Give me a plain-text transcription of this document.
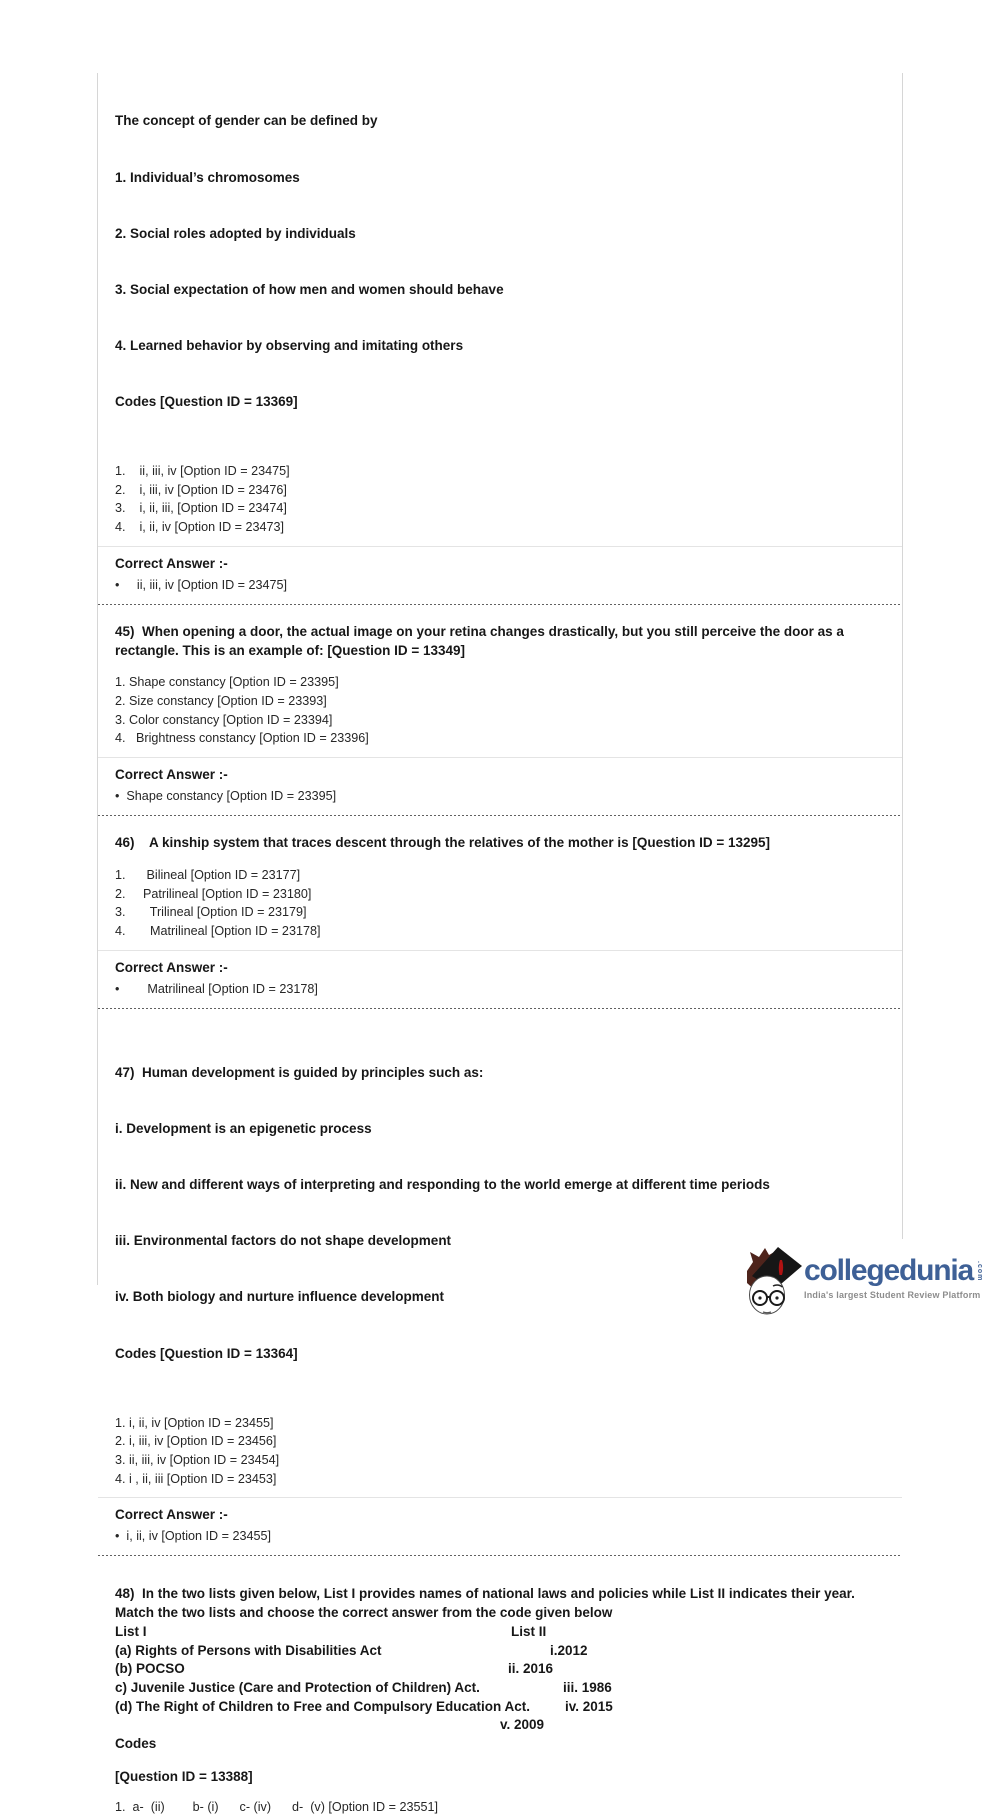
The concept of gender can be defined by

1. Individual’s chromosomes

2. Social roles adopted by individuals

3. Social expectation of how men and women should behave

4. Learned behavior by observing and imitating others

Codes [Question ID = 13369]

1.    ii, iii, iv [Option ID = 23475]
2.    i, iii, iv [Option ID = 23476]
3.    i, ii, iii, [Option ID = 23474]
4.    i, ii, iv [Option ID = 23473]
Correct Answer :-
•     ii, iii, iv [Option ID = 23475]
45)  When opening a door, the actual image on your retina changes drastically, but you still perceive the door as a rectangle. This is an example of: [Question ID = 13349]
1. Shape constancy [Option ID = 23395]
2. Size constancy [Option ID = 23393]
3. Color constancy [Option ID = 23394]
4.   Brightness constancy [Option ID = 23396]
Correct Answer :-
•  Shape constancy [Option ID = 23395]
46)    A kinship system that traces descent through the relatives of the mother is [Question ID = 13295]
1.      Bilineal [Option ID = 23177]
2.     Patrilineal [Option ID = 23180]
3.       Trilineal [Option ID = 23179]
4.       Matrilineal [Option ID = 23178]
Correct Answer :-
•        Matrilineal [Option ID = 23178]

47)  Human development is guided by principles such as:

i. Development is an epigenetic process

ii. New and different ways of interpreting and responding to the world emerge at different time periods

iii. Environmental factors do not shape development

iv. Both biology and nurture influence development

Codes [Question ID = 13364]

1. i, ii, iv [Option ID = 23455]
2. i, iii, iv [Option ID = 23456]
3. ii, iii, iv [Option ID = 23454]
4. i , ii, iii [Option ID = 23453]
Correct Answer :-
•  i, ii, iv [Option ID = 23455]
48)  In the two lists given below, List I provides names of national laws and policies while List II indicates their year. Match the two lists and choose the correct answer from the code given below
List I	List II
(a) Rights of Persons with Disabilities Act	i.2012
(b) POCSO	ii. 2016
c) Juvenile Justice (Care and Protection of Children) Act.	iii. 1986
(d) The Right of Children to Free and Compulsory Education Act.	iv. 2015
v. 2009
Codes
[Question ID = 13388]
1.  a-  (ii)        b- (i)      c- (iv)      d-  (v) [Option ID = 23551]
collegedunia .com
India's largest Student Review Platform
